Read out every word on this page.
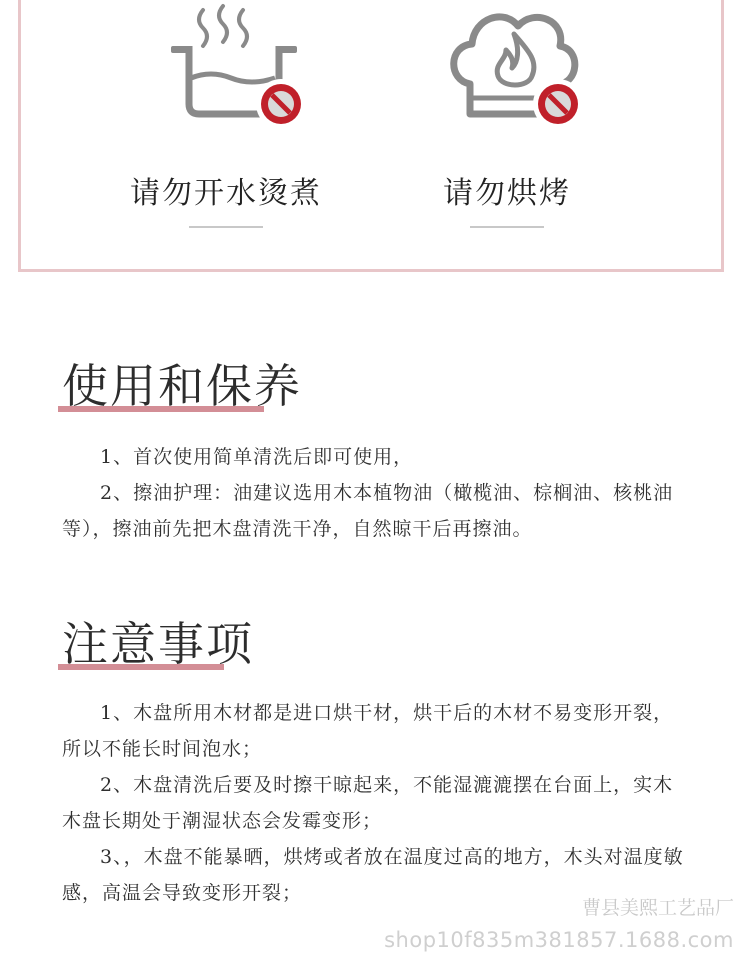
请勿开水烫煮	请勿烘烤
使用和保养

1、首次使用简单清洗后即可使用，

2、擦油护理：油建议选用木本植物油（橄榄油、棕榈油、核桃油等），擦油前先把木盘清洗干净，自然晾干后再擦油。

注意事项

1、木盘所用木材都是进口烘干材，烘干后的木材不易变形开裂，所以不能长时间泡水；

2、木盘清洗后要及时擦干晾起来，不能湿漉漉摆在台面上，实木木盘长期处于潮湿状态会发霉变形；

3、，木盘不能暴晒，烘烤或者放在温度过高的地方，木头对温度敏感，高温会导致变形开裂；

曹县美熙工艺品厂
shop10f835m381857.1688.com
